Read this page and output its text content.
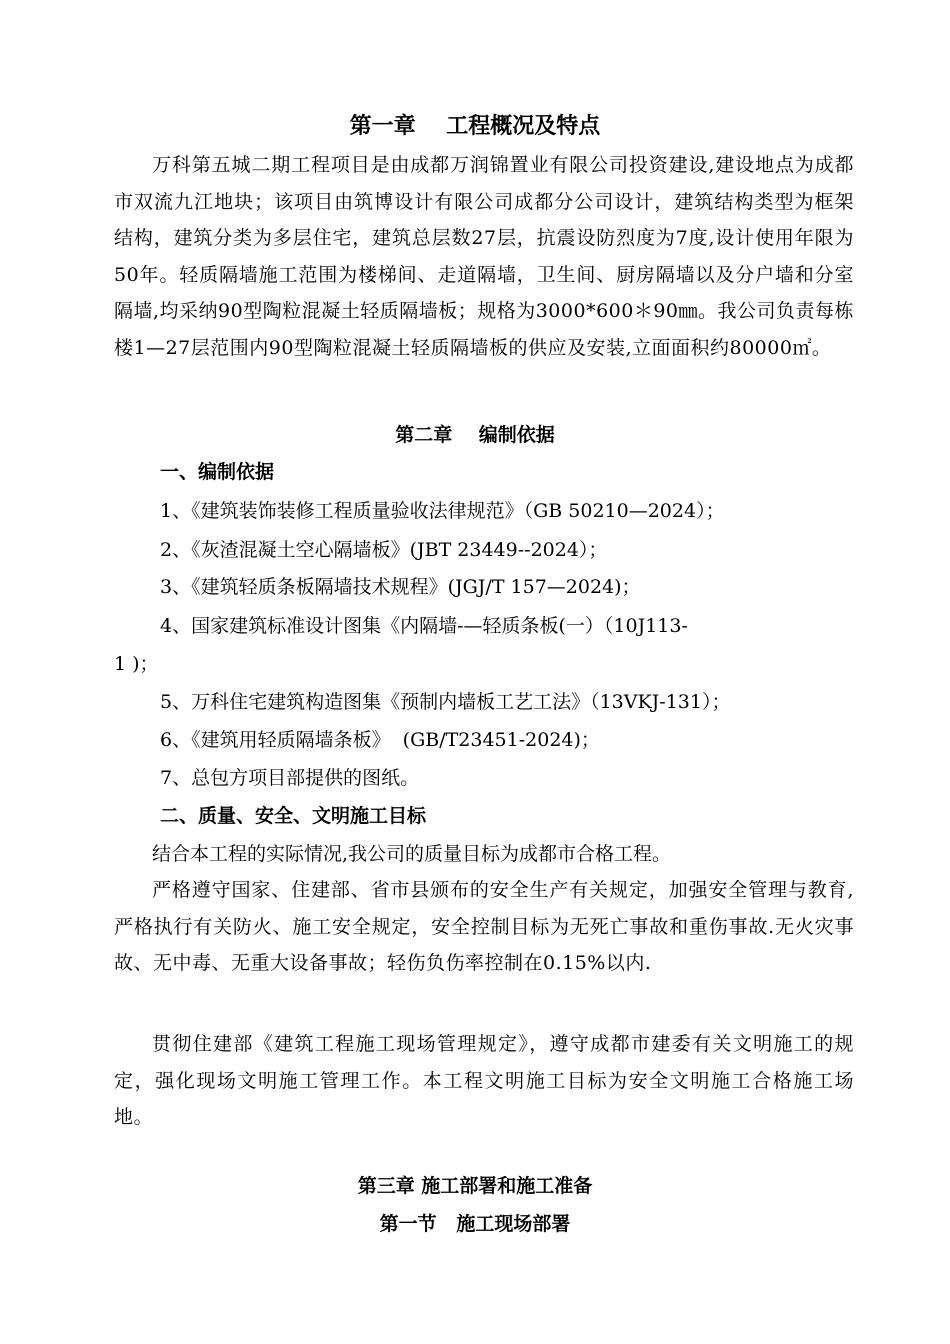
第一章    工程概况及特点
万科第五城二期工程项目是由成都万润锦置业有限公司投资建设,建设地点为成都市双流九江地块；该项目由筑博设计有限公司成都分公司设计，建筑结构类型为框架结构，建筑分类为多层住宅，建筑总层数27层，抗震设防烈度为7度,设计使用年限为50年。轻质隔墙施工范围为楼梯间、走道隔墙，卫生间、厨房隔墙以及分户墙和分室隔墙,均采纳90型陶粒混凝土轻质隔墙板；规格为3000*600＊90㎜。我公司负责每栋楼1—27层范围内90型陶粒混凝土轻质隔墙板的供应及安装,立面面积约80000㎡。
第二章    编制依据
一、编制依据
1、《建筑装饰装修工程质量验收法律规范》（GB 50210—2024）；
2、《灰渣混凝土空心隔墙板》(JBT 23449--2024）；
3、《建筑轻质条板隔墙技术规程》(JGJ/T 157—2024)；
4、国家建筑标准设计图集《内隔墙-—轻质条板(一）（10J113-
1 )；
5、万科住宅建筑构造图集《预制内墙板工艺工法》（13VKJ-131）；
6、《建筑用轻质隔墙条板》  (GB/T23451-2024)；
7、总包方项目部提供的图纸。
二、质量、安全、文明施工目标
结合本工程的实际情况,我公司的质量目标为成都市合格工程。
严格遵守国家、住建部、省市县颁布的安全生产有关规定，加强安全管理与教育,严格执行有关防火、施工安全规定，安全控制目标为无死亡事故和重伤事故.无火灾事故、无中毒、无重大设备事故；轻伤负伤率控制在0.15%以内.
贯彻住建部《建筑工程施工现场管理规定》，遵守成都市建委有关文明施工的规定，强化现场文明施工管理工作。本工程文明施工目标为安全文明施工合格施工场地。
第三章 施工部署和施工准备
第一节   施工现场部署
